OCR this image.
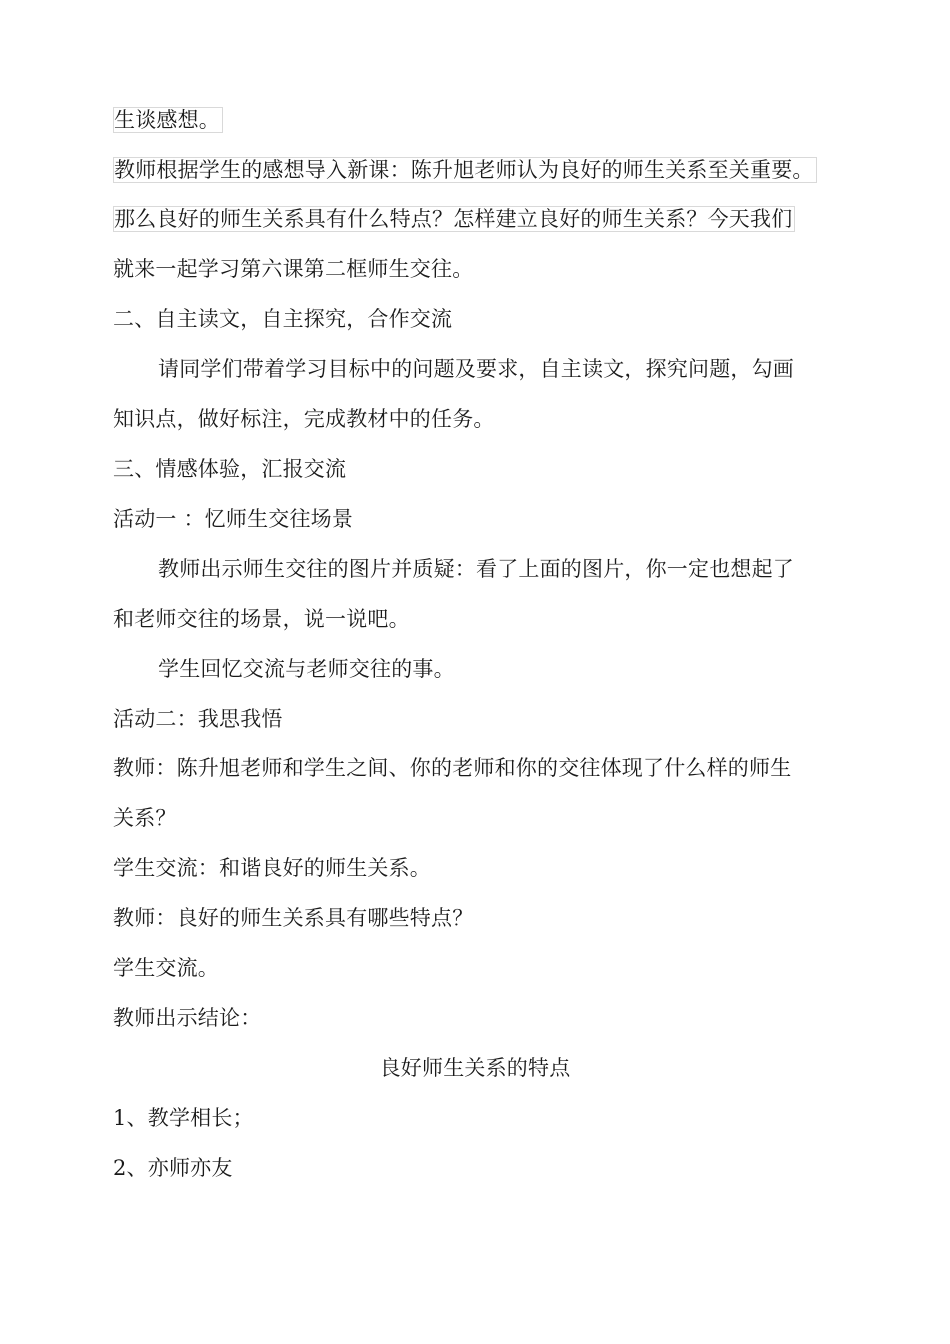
生谈感想。
教师根据学生的感想导入新课：陈升旭老师认为良好的师生关系至关重要。
那么良好的师生关系具有什么特点？怎样建立良好的师生关系？今天我们
就来一起学习第六课第二框师生交往。
二、自主读文，自主探究，合作交流
请同学们带着学习目标中的问题及要求，自主读文，探究问题，勾画
知识点，做好标注，完成教材中的任务。
三、情感体验，汇报交流
活动一 ：忆师生交往场景
教师出示师生交往的图片并质疑：看了上面的图片，你一定也想起了
和老师交往的场景，说一说吧。
学生回忆交流与老师交往的事。
活动二：我思我悟
教师：陈升旭老师和学生之间、你的老师和你的交往体现了什么样的师生
关系？
学生交流：和谐良好的师生关系。
教师：良好的师生关系具有哪些特点？
学生交流。
教师出示结论：
良好师生关系的特点
1、教学相长；
2、亦师亦友
